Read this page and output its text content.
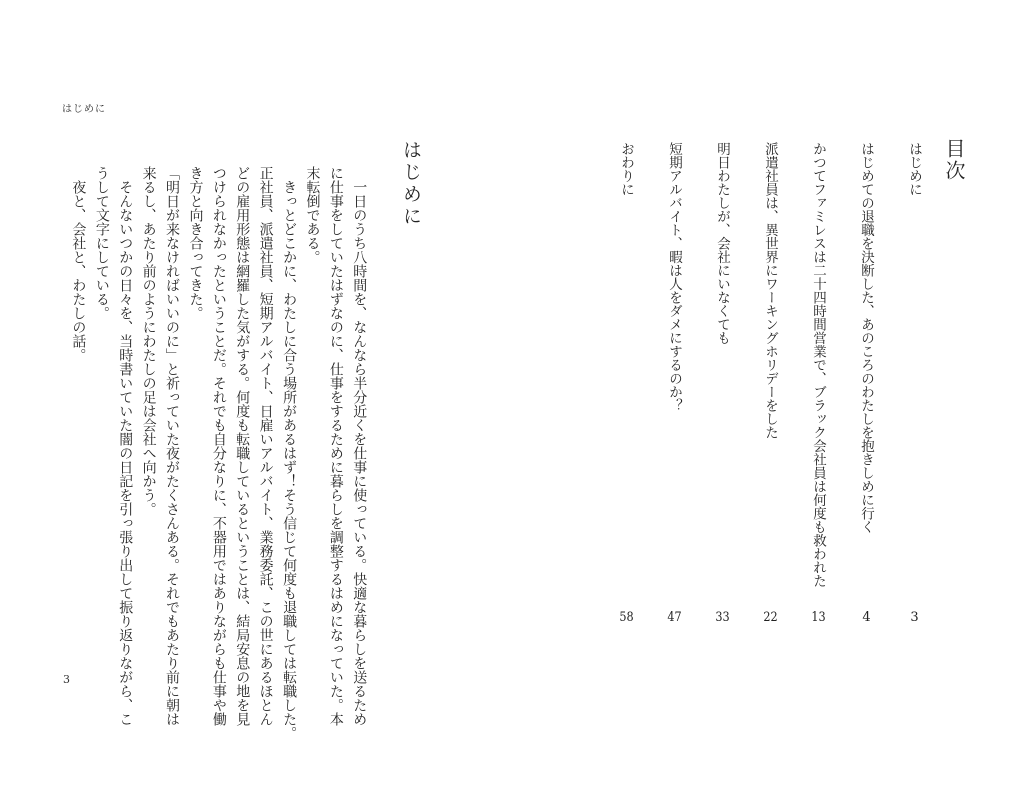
はじめに
3
はじめに
　一日のうち八時間を、なんなら半分近くを仕事に使っている。快適な暮らしを送るため
に仕事をしていたはずなのに、仕事をするために暮らしを調整するはめになっていた。本
末転倒である。
　きっとどこかに、わたしに合う場所があるはず！そう信じて何度も退職しては転職した。
正社員、派遣社員、短期アルバイト、日雇いアルバイト、業務委託、この世にあるほとん
どの雇用形態は網羅した気がする。何度も転職しているということは、結局安息の地を見
つけられなかったということだ。それでも自分なりに、不器用ではありながらも仕事や働
き方と向き合ってきた。
「明日が来なければいいのに」と祈っていた夜がたくさんある。それでもあたり前に朝は
来るし、あたり前のようにわたしの足は会社へ向かう。
　そんないつかの日々を、当時書いていた闇の日記を引っ張り出して振り返りながら、こ
うして文字にしている。
　夜と、会社と、わたしの話。
目次
はじめに
3
はじめての退職を決断した、あのころのわたしを抱きしめに行く
4
かつてファミレスは二十四時間営業で、ブラック会社員は何度も救われた
13
派遣社員は、異世界にワーキングホリデーをした
22
明日わたしが、会社にいなくても
33
短期アルバイト、暇は人をダメにするのか？
47
おわりに
58
